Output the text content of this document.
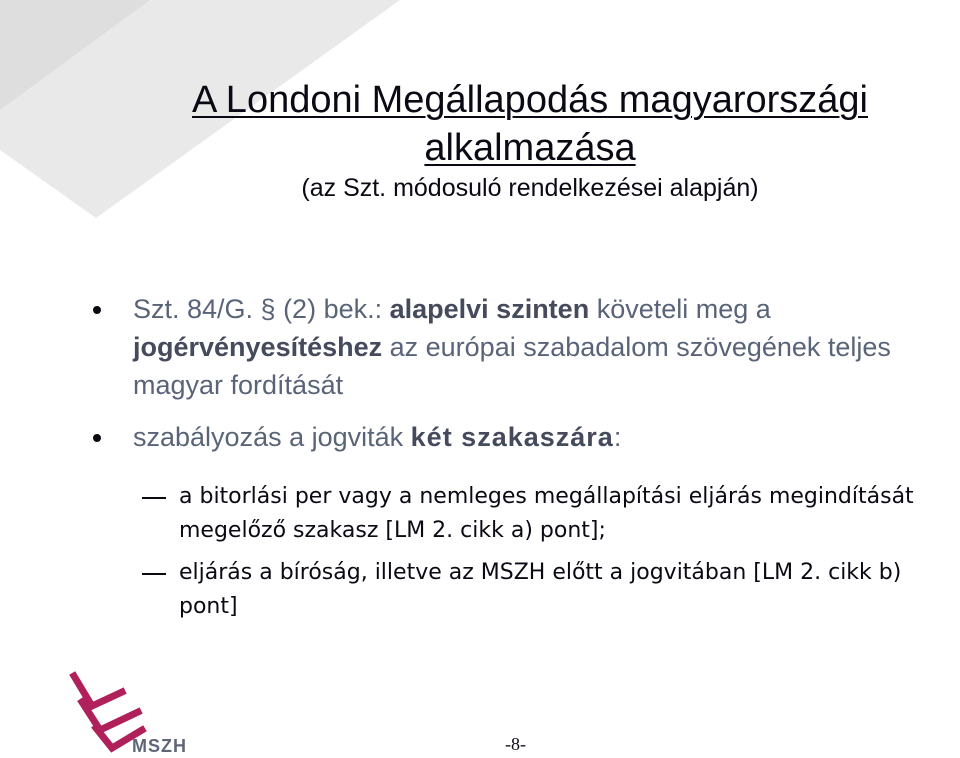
A Londoni Megállapodás magyarországi alkalmazása
(az Szt. módosuló rendelkezései alapján)
Szt. 84/G. § (2) bek.: alapelvi szinten követeli meg a jogérvényesítéshez az európai szabadalom szövegének teljes magyar fordítását
szabályozás a jogviták két szakaszára:
a bitorlási per vagy a nemleges megállapítási eljárás megindítását megelőző szakasz [LM 2. cikk a) pont];
eljárás a bíróság, illetve az MSZH előtt a jogvitában [LM 2. cikk b) pont]
MSZH	-8-
